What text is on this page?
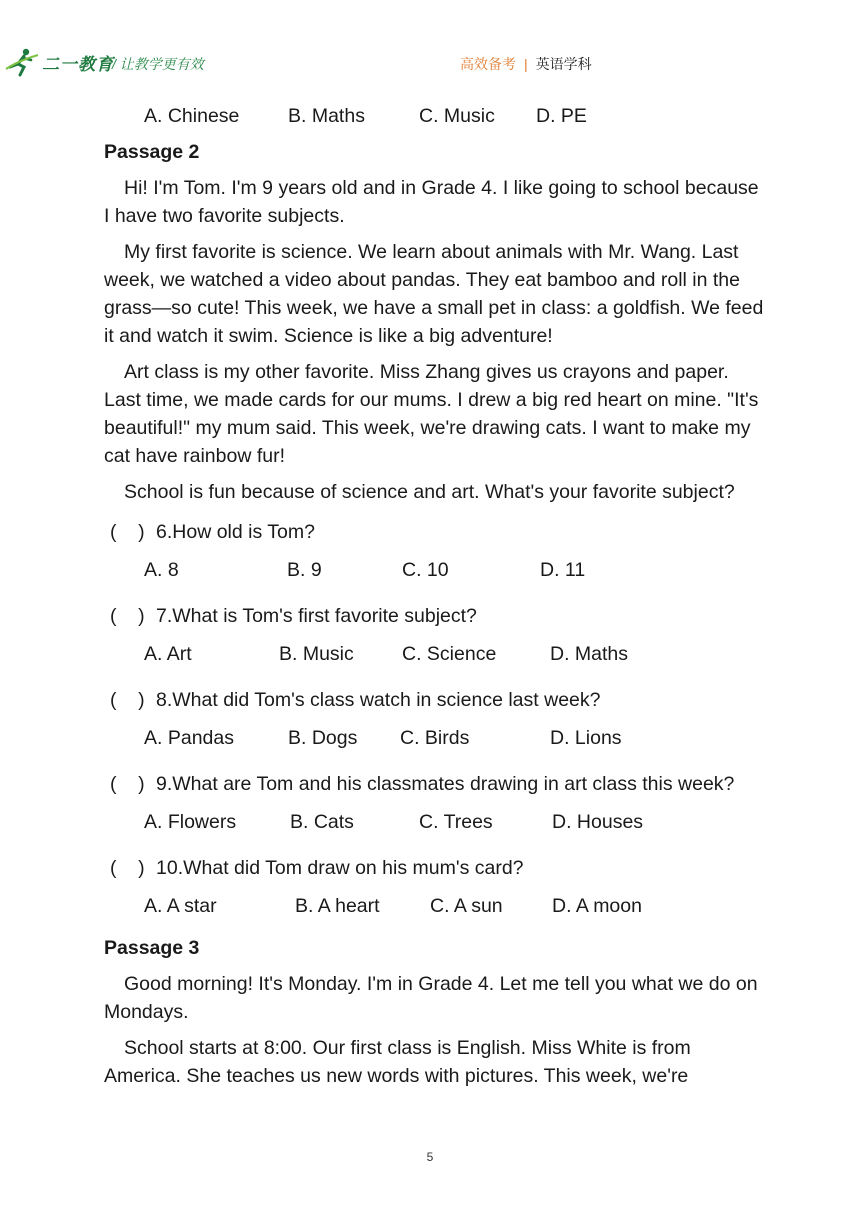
二一教育
/ 让教学更有效	高效备考 | 英语学科
A. Chinese B. Maths	C. Music D. PE
Passage 2

Hi! I'm Tom. I'm 9 years old and in Grade 4. I like going to school because I have two favorite subjects.

My first favorite is science. We learn about animals with Mr. Wang. Last week, we watched a video about pandas. They eat bamboo and roll in the grass—so cute! This week, we have a small pet in class: a goldfish. We feed it and watch it swim. Science is like a big adventure!

Art class is my other favorite. Miss Zhang gives us crayons and paper. Last time, we made cards for our mums. I drew a big red heart on mine. "It's beautiful!" my mum said. This week, we're drawing cats. I want to make my cat have rainbow fur!

School is fun because of science and art. What's your favorite subject?

(    ) 6.How old is Tom?
A. 8	B. 9	C. 10	D. 11
(    ) 7.What is Tom's first favorite subject?
A. Art	B. Music C. Science	D. Maths
(    ) 8.What did Tom's class watch in science last week?
A. Pandas	B. Dogs C. Birds	D. Lions
(    ) 9.What are Tom and his classmates drawing in art class this week?
A. Flowers	B. Cats	C. Trees	D. Houses
(    ) 10.What did Tom draw on his mum's card?
A. A star	B. A heart	C. A sun	D. A moon
Passage 3

Good morning! It's Monday. I'm in Grade 4. Let me tell you what we do on Mondays.

School starts at 8:00. Our first class is English. Miss White is from America. She teaches us new words with pictures. This week, we're

5
